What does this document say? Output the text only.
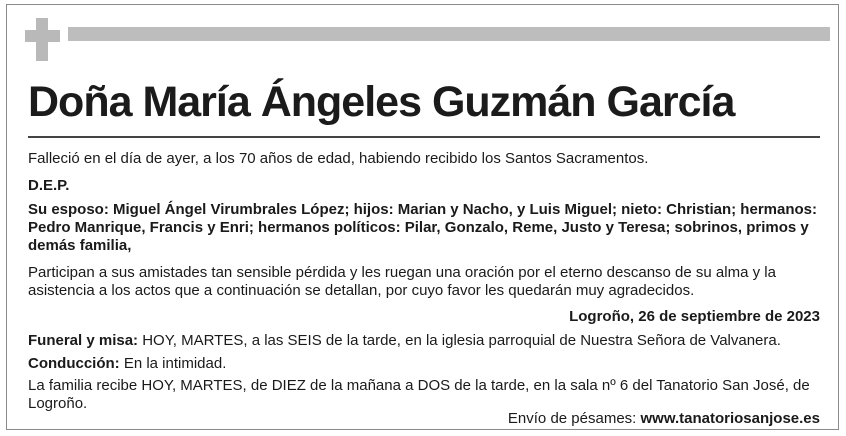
Doña María Ángeles Guzmán García

Falleció en el día de ayer, a los 70 años de edad, habiendo recibido los Santos Sacramentos.

D.E.P.

Su esposo: Miguel Ángel Virumbrales López; hijos: Marian y Nacho, y Luis Miguel; nieto: Christian; hermanos: Pedro Manrique, Francis y Enri; hermanos políticos: Pilar, Gonzalo, Reme, Justo y Teresa; sobrinos, primos y demás familia,

Participan a sus amistades tan sensible pérdida y les ruegan una oración por el eterno descanso de su alma y la asistencia a los actos que a continuación se detallan, por cuyo favor les quedarán muy agradecidos.

Logroño, 26 de septiembre de 2023

Funeral y misa: HOY, MARTES, a las SEIS de la tarde, en la iglesia parroquial de Nuestra Señora de Valvanera.

Conducción: En la intimidad.

La familia recibe HOY, MARTES, de DIEZ de la mañana a DOS de la tarde, en la sala nº 6 del Tanatorio San José, de Logroño.

Envío de pésames: www.tanatoriosanjose.es
